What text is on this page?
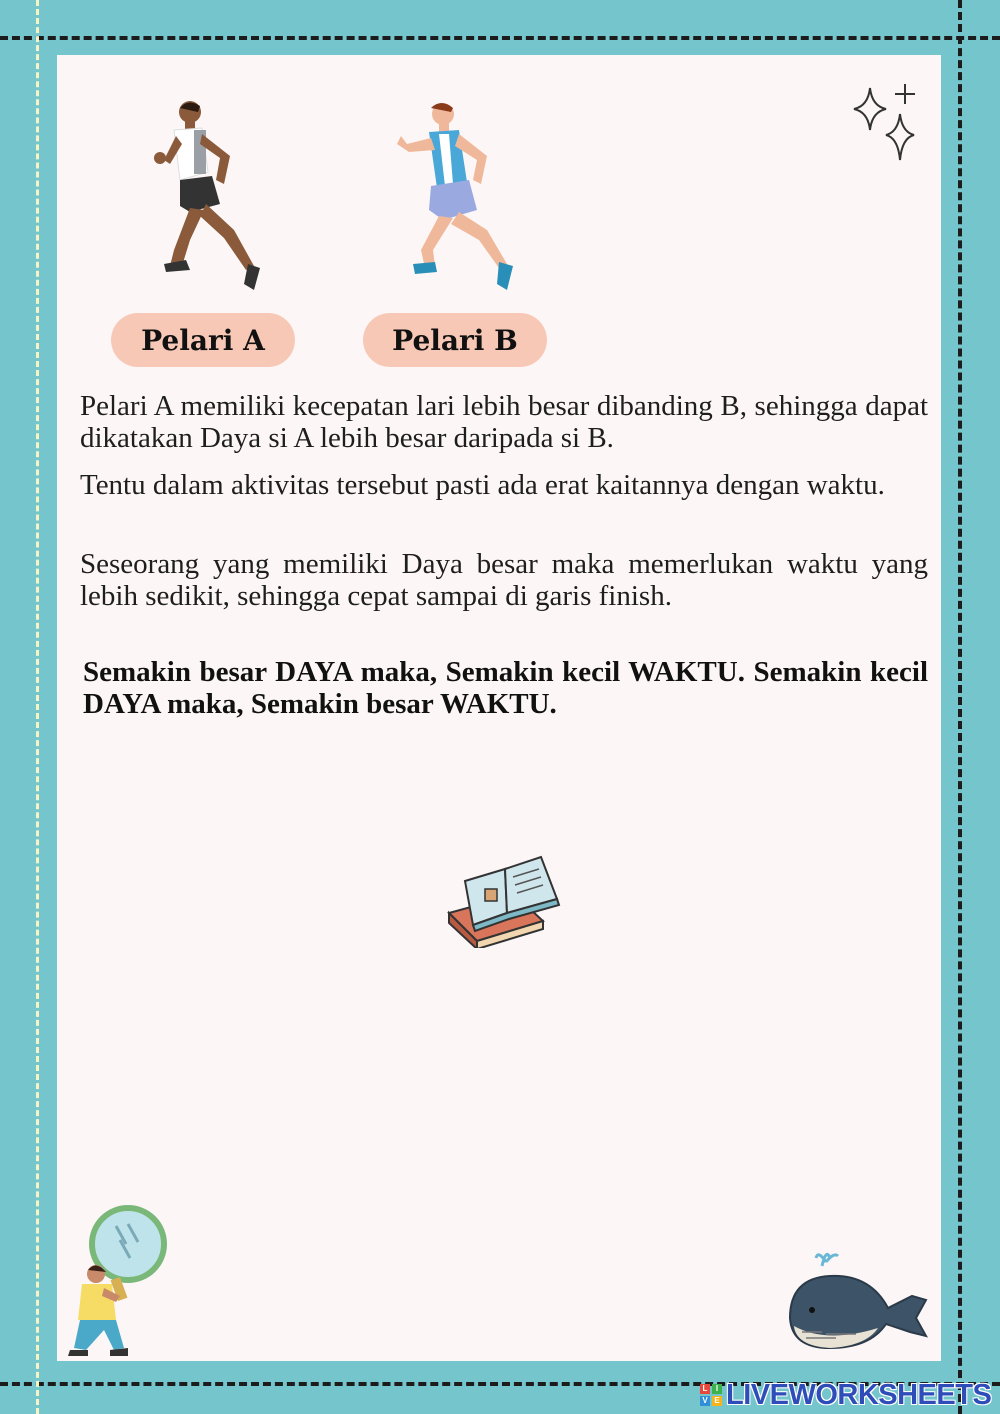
Pelari A	Pelari B

Pelari A memiliki kecepatan lari lebih besar dibanding B, sehingga dapat dikatakan Daya si A lebih besar daripada si B.

Tentu dalam aktivitas tersebut pasti ada erat kaitannya dengan waktu.

Seseorang yang memiliki Daya besar maka memerlukan waktu yang lebih sedikit, sehingga cepat sampai di garis finish.

Semakin besar DAYA maka, Semakin kecil WAKTU. Semakin kecil DAYA maka, Semakin besar WAKTU.

L	I
V E LIVEWORKSHEETS
